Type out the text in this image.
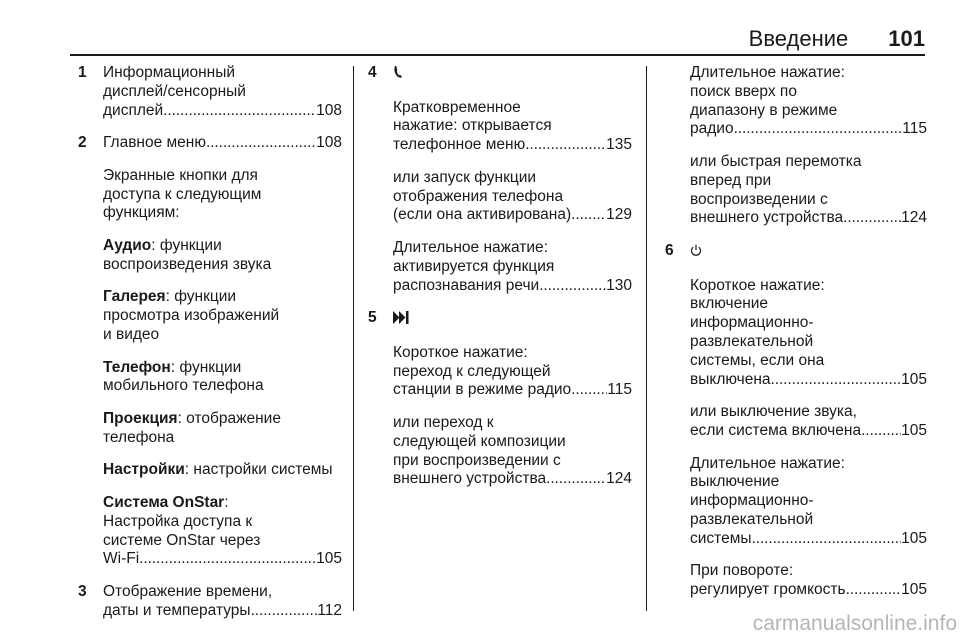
Введение 101
1 Информационный
дисплей/сенсорный
дисплей . . .	108
2 Главное меню . . .	108
Экранные кнопки для
доступа к следующим
функциям:
Аудио: функции
воспроизведения звука
Галерея: функции
просмотра изображений
и видео
Телефон: функции
мобильного телефона
Проекция: отображение
телефона
Настройки: настройки системы
Система OnStar:
Настройка доступа к
системе OnStar через
Wi-Fi . . .	105
3 Отображение времени,
даты и температуры . . .	112
4
Кратковременное
нажатие: открывается
телефонное меню . . .	135
или запуск функции
отображения телефона
(если она активирована) . . . 129
Длительное нажатие:
активируется функция
распознавания речи . . .	130
5
Короткое нажатие:
переход к следующей
станции в режиме радио . . . 115
или переход к
следующей композиции
при воспроизведении с
внешнего устройства . . .	124
Длительное нажатие:
поиск вверх по
диапазону в режиме
радио . . .	115
или быстрая перемотка
вперед при
воспроизведении с
внешнего устройства . . .	124
6
Короткое нажатие:
включение
информационно-
развлекательной
системы, если она
выключена . . .	105
или выключение звука,
если система включена . . .	105
Длительное нажатие:
выключение
информационно-
развлекательной
системы . . .	105
При повороте:
регулирует громкость . . .	105
carmanualsonline.info
